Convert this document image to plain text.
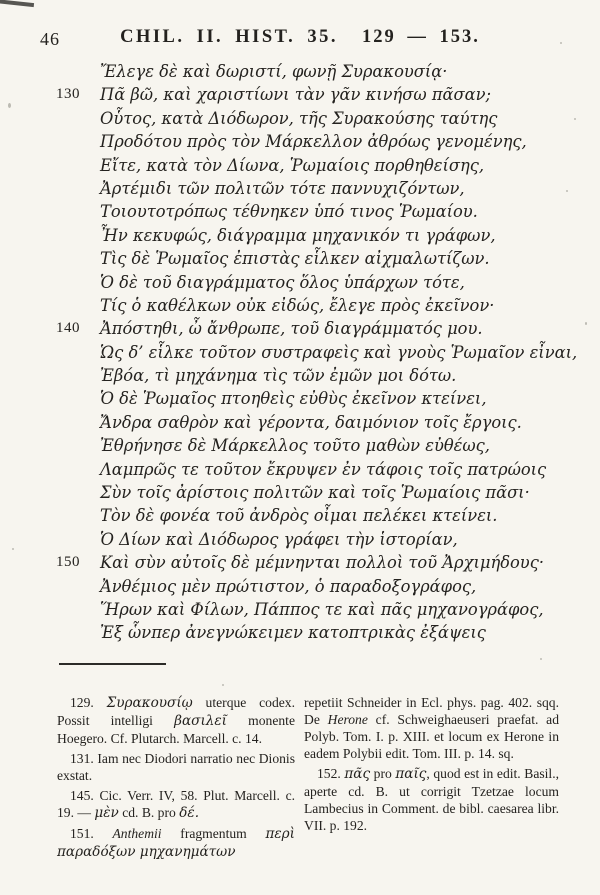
46	CHIL. II. HIST. 35. 129 — 153.
Ἔλεγε δὲ καὶ δωριστί, φωνῇ Συρακουσίᾳ·
130 Πᾶ βῶ, καὶ χαριστίωνι τὰν γᾶν κινήσω πᾶσαν;
Οὗτος, κατὰ Διόδωρον, τῆς Συρακούσης ταύτης
Προδότου πρὸς τὸν Μάρκελλον ἀθρόως γενομένης,
Εἴτε, κατὰ τὸν Δίωνα, Ῥωμαίοις πορθηθείσης,
Ἀρτέμιδι τῶν πολιτῶν τότε παννυχιζόντων,
Τοιουτοτρόπως τέθνηκεν ὑπό τινος Ῥωμαίου.
Ἦν κεκυφώς, διάγραμμα μηχανικόν τι γράφων,
Τὶς δὲ Ῥωμαῖος ἐπιστὰς εἷλκεν αἰχμαλωτίζων.
Ὁ δὲ τοῦ διαγράμματος ὅλος ὑπάρχων τότε,
Τίς ὁ καθέλκων οὐκ εἰδώς, ἔλεγε πρὸς ἐκεῖνον·
140 Ἀπόστηθι, ὦ ἄνθρωπε, τοῦ διαγράμματός μου.
Ὡς δ’ εἷλκε τοῦτον συστραφεὶς καὶ γνοὺς Ῥωμαῖον εἶναι,
Ἐβόα, τὶ μηχάνημα τὶς τῶν ἐμῶν μοι δότω.
Ὁ δὲ Ῥωμαῖος πτοηθεὶς εὐθὺς ἐκεῖνον κτείνει,
Ἄνδρα σαθρὸν καὶ γέροντα, δαιμόνιον τοῖς ἔργοις.
Ἐθρήνησε δὲ Μάρκελλος τοῦτο μαθὼν εὐθέως,
Λαμπρῶς τε τοῦτον ἔκρυψεν ἐν τάφοις τοῖς πατρώοις
Σὺν τοῖς ἀρίστοις πολιτῶν καὶ τοῖς Ῥωμαίοις πᾶσι·
Τὸν δὲ φονέα τοῦ ἀνδρὸς οἶμαι πελέκει κτείνει.
Ὁ Δίων καὶ Διόδωρος γράφει τὴν ἱστορίαν,
150 Καὶ σὺν αὐτοῖς δὲ μέμνηνται πολλοὶ τοῦ Ἀρχιμήδους·
Ἀνθέμιος μὲν πρώτιστον, ὁ παραδοξογράφος,
Ἥρων καὶ Φίλων, Πάππος τε καὶ πᾶς μηχανογράφος,
Ἐξ ὧνπερ ἀνεγνώκειμεν κατοπτρικὰς ἐξάψεις

129. Συρακουσίῳ uterque codex. Possit intelligi βασιλεῖ monente Hoegero. Cf. Plutarch. Marcell. c. 14.

131. Iam nec Diodori narratio nec Dionis exstat.

145. Cic. Verr. IV, 58. Plut. Marcell. c. 19. — μὲν cd. B. pro δέ.

151. Anthemii fragmentum περὶ παραδόξων μηχανημάτων

repetiit Schneider in Ecl. phys. pag. 402. sqq. De Herone cf. Schweighaeuseri praefat. ad Polyb. Tom. I. p. XIII. et locum ex Herone in eadem Polybii edit. Tom. III. p. 14. sq.

152. πᾶς pro παῖς, quod est in edit. Basil., aperte cd. B. ut corrigit Tzetzae locum Lambecius in Comment. de bibl. caesarea libr. VII. p. 192.
